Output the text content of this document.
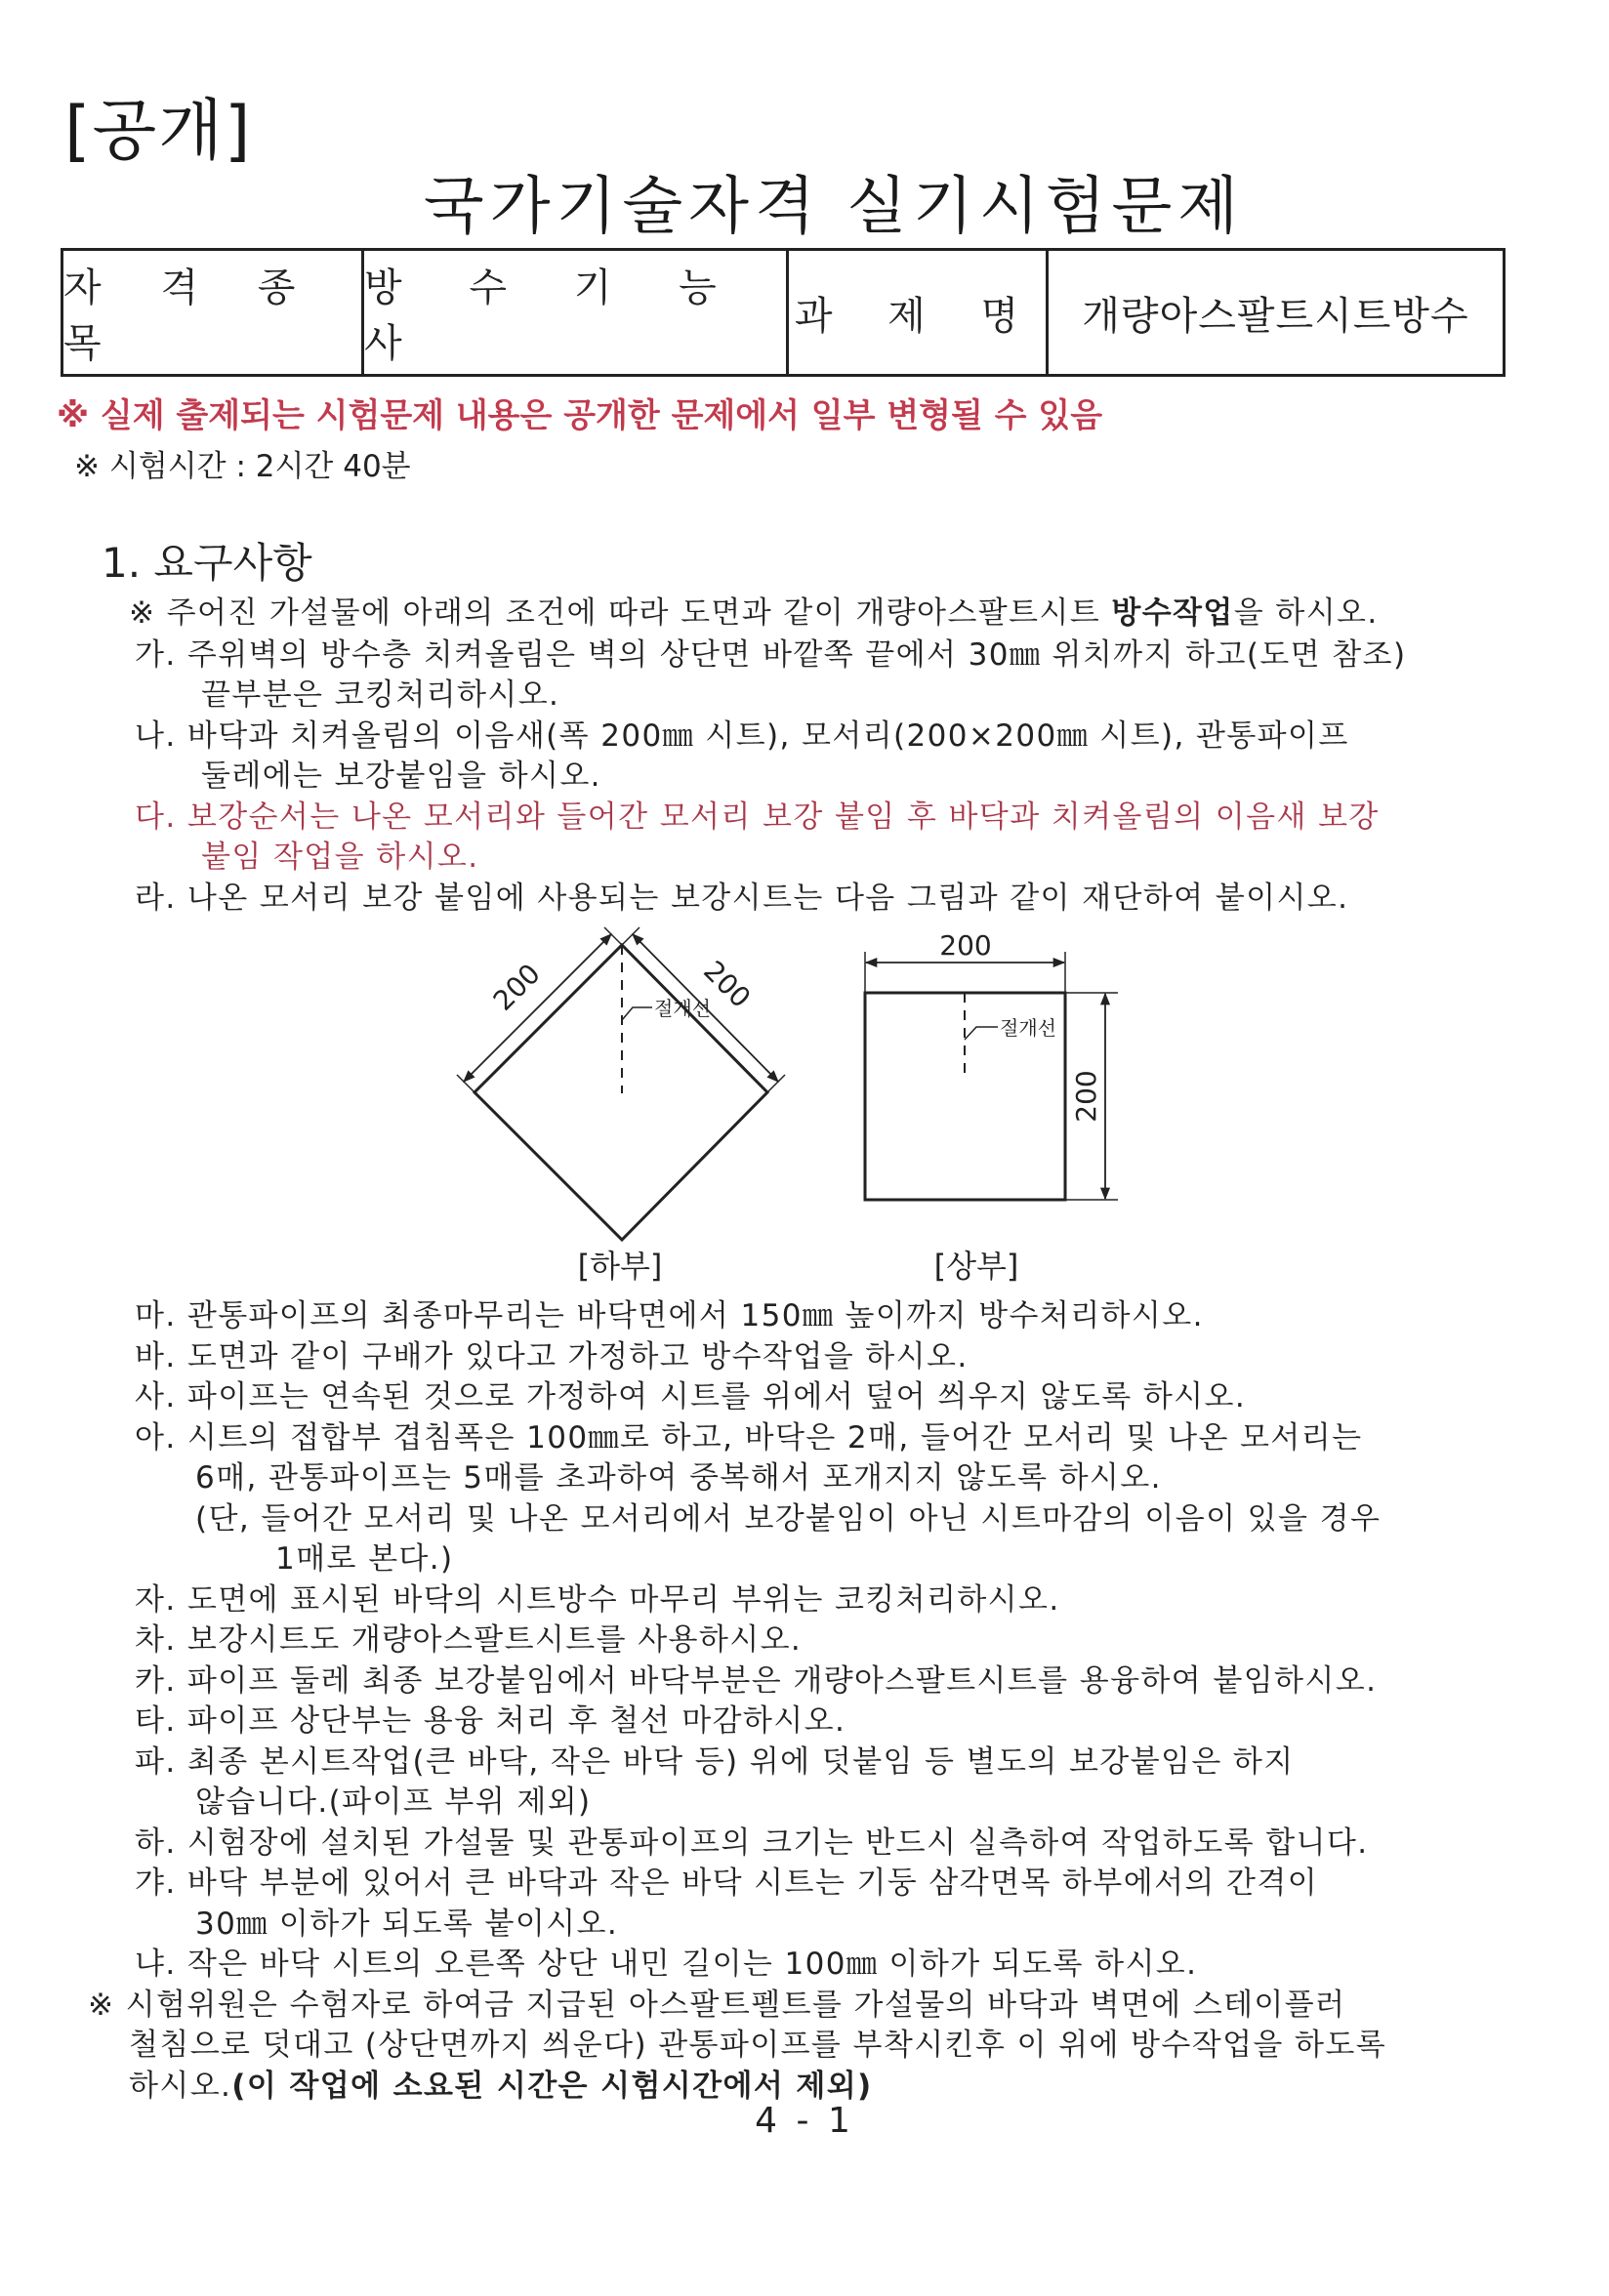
[공개]
국가기술자격 실기시험문제
자 격 종 목
방 수 기 능 사
과 제 명	개량아스팔트시트방수
※ 실제 출제되는 시험문제 내용은 공개한 문제에서 일부 변형될 수 있음
※ 시험시간 : 2시간 40분
1. 요구사항
※ 주어진 가설물에 아래의 조건에 따라 도면과 같이 개량아스팔트시트 방수작업을 하시오.
가. 주위벽의 방수층 치켜올림은 벽의 상단면 바깥쪽 끝에서 30㎜ 위치까지 하고(도면 참조)
끝부분은 코킹처리하시오.
나. 바닥과 치켜올림의 이음새(폭 200㎜ 시트), 모서리(200×200㎜ 시트), 관통파이프
둘레에는 보강붙임을 하시오.
다. 보강순서는 나온 모서리와 들어간 모서리 보강 붙임 후 바닥과 치켜올림의 이음새 보강
붙임 작업을 하시오.
라. 나온 모서리 보강 붙임에 사용되는 보강시트는 다음 그림과 같이 재단하여 붙이시오.
200	200
절개선
[하부]
200
200
절개선
[상부]
마. 관통파이프의 최종마무리는 바닥면에서 150㎜ 높이까지 방수처리하시오.
바. 도면과 같이 구배가 있다고 가정하고 방수작업을 하시오.
사. 파이프는 연속된 것으로 가정하여 시트를 위에서 덮어 씌우지 않도록 하시오.
아. 시트의 접합부 겹침폭은 100㎜로 하고, 바닥은 2매, 들어간 모서리 및 나온 모서리는
6매, 관통파이프는 5매를 초과하여 중복해서 포개지지 않도록 하시오.
(단, 들어간 모서리 및 나온 모서리에서 보강붙임이 아닌 시트마감의 이음이 있을 경우
1매로 본다.)
자. 도면에 표시된 바닥의 시트방수 마무리 부위는 코킹처리하시오.
차. 보강시트도 개량아스팔트시트를 사용하시오.
카. 파이프 둘레 최종 보강붙임에서 바닥부분은 개량아스팔트시트를 용융하여 붙임하시오.
타. 파이프 상단부는 용융 처리 후 철선 마감하시오.
파. 최종 본시트작업(큰 바닥, 작은 바닥 등) 위에 덧붙임 등 별도의 보강붙임은 하지
않습니다.(파이프 부위 제외)
하. 시험장에 설치된 가설물 및 관통파이프의 크기는 반드시 실측하여 작업하도록 합니다.
갸. 바닥 부분에 있어서 큰 바닥과 작은 바닥 시트는 기둥 삼각면목 하부에서의 간격이
30㎜ 이하가 되도록 붙이시오.
냐. 작은 바닥 시트의 오른쪽 상단 내민 길이는 100㎜ 이하가 되도록 하시오.
※ 시험위원은 수험자로 하여금 지급된 아스팔트펠트를 가설물의 바닥과 벽면에 스테이플러
철침으로 덧대고 (상단면까지 씌운다) 관통파이프를 부착시킨후 이 위에 방수작업을 하도록
하시오.(이 작업에 소요된 시간은 시험시간에서 제외)
4 - 1
